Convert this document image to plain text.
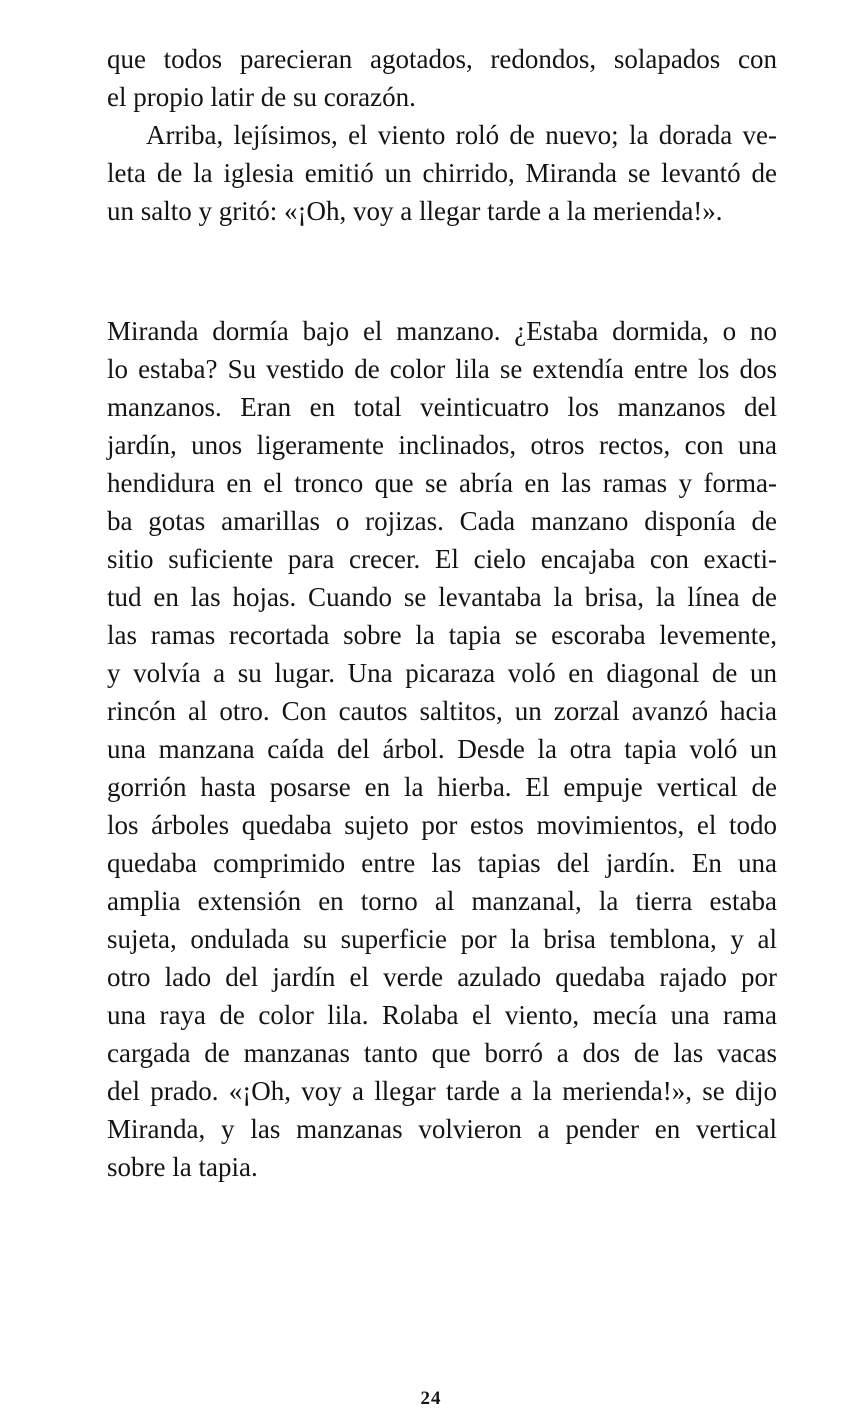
que todos parecieran agotados, redondos, solapados con
el propio latir de su corazón.
Arriba, lejísimos, el viento roló de nuevo; la dorada ve-
leta de la iglesia emitió un chirrido, Miranda se levantó de
un salto y gritó: «¡Oh, voy a llegar tarde a la merienda!».
Miranda dormía bajo el manzano. ¿Estaba dormida, o no
lo estaba? Su vestido de color lila se extendía entre los dos
manzanos. Eran en total veinticuatro los manzanos del
jardín, unos ligeramente inclinados, otros rectos, con una
hendidura en el tronco que se abría en las ramas y forma-
ba gotas amarillas o rojizas. Cada manzano disponía de
sitio suficiente para crecer. El cielo encajaba con exacti-
tud en las hojas. Cuando se levantaba la brisa, la línea de
las ramas recortada sobre la tapia se escoraba levemente,
y volvía a su lugar. Una picaraza voló en diagonal de un
rincón al otro. Con cautos saltitos, un zorzal avanzó hacia
una manzana caída del árbol. Desde la otra tapia voló un
gorrión hasta posarse en la hierba. El empuje vertical de
los árboles quedaba sujeto por estos movimientos, el todo
quedaba comprimido entre las tapias del jardín. En una
amplia extensión en torno al manzanal, la tierra estaba
sujeta, ondulada su superficie por la brisa temblona, y al
otro lado del jardín el verde azulado quedaba rajado por
una raya de color lila. Rolaba el viento, mecía una rama
cargada de manzanas tanto que borró a dos de las vacas
del prado. «¡Oh, voy a llegar tarde a la merienda!», se dijo
Miranda, y las manzanas volvieron a pender en vertical
sobre la tapia.
24
